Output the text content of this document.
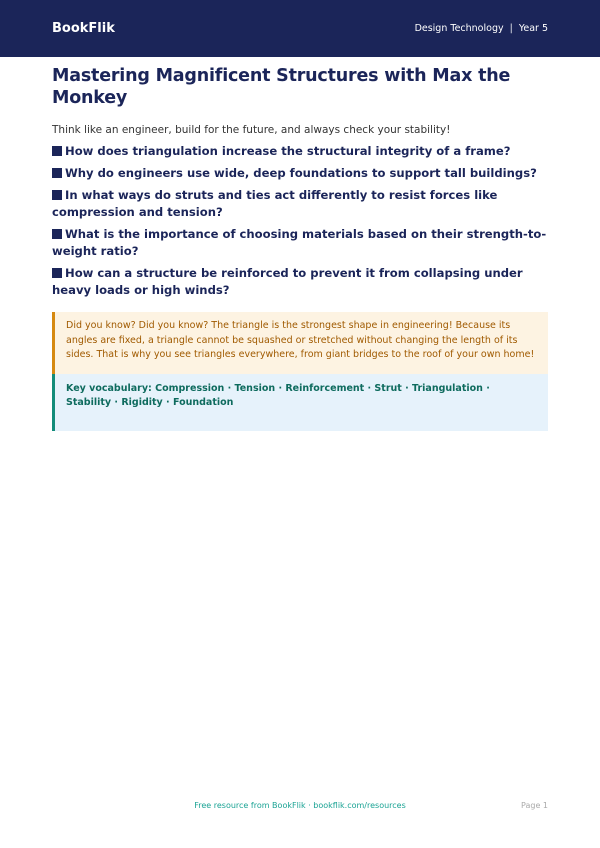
BookFlik	Design Technology | Year 5
Mastering Magnificent Structures with Max the Monkey

Think like an engineer, build for the future, and always check your stability!

How does triangulation increase the structural integrity of a frame?
Why do engineers use wide, deep foundations to support tall buildings?
In what ways do struts and ties act differently to resist forces like compression and tension?
What is the importance of choosing materials based on their strength-to-weight ratio?
How can a structure be reinforced to prevent it from collapsing under heavy loads or high winds?
Did you know? Did you know? The triangle is the strongest shape in engineering! Because its angles are fixed, a triangle cannot be squashed or stretched without changing the length of its sides. That is why you see triangles everywhere, from giant bridges to the roof of your own home!
Key vocabulary: Compression · Tension · Reinforcement · Strut · Triangulation · Stability · Rigidity · Foundation
Free resource from BookFlik · bookflik.com/resources	Page 1
